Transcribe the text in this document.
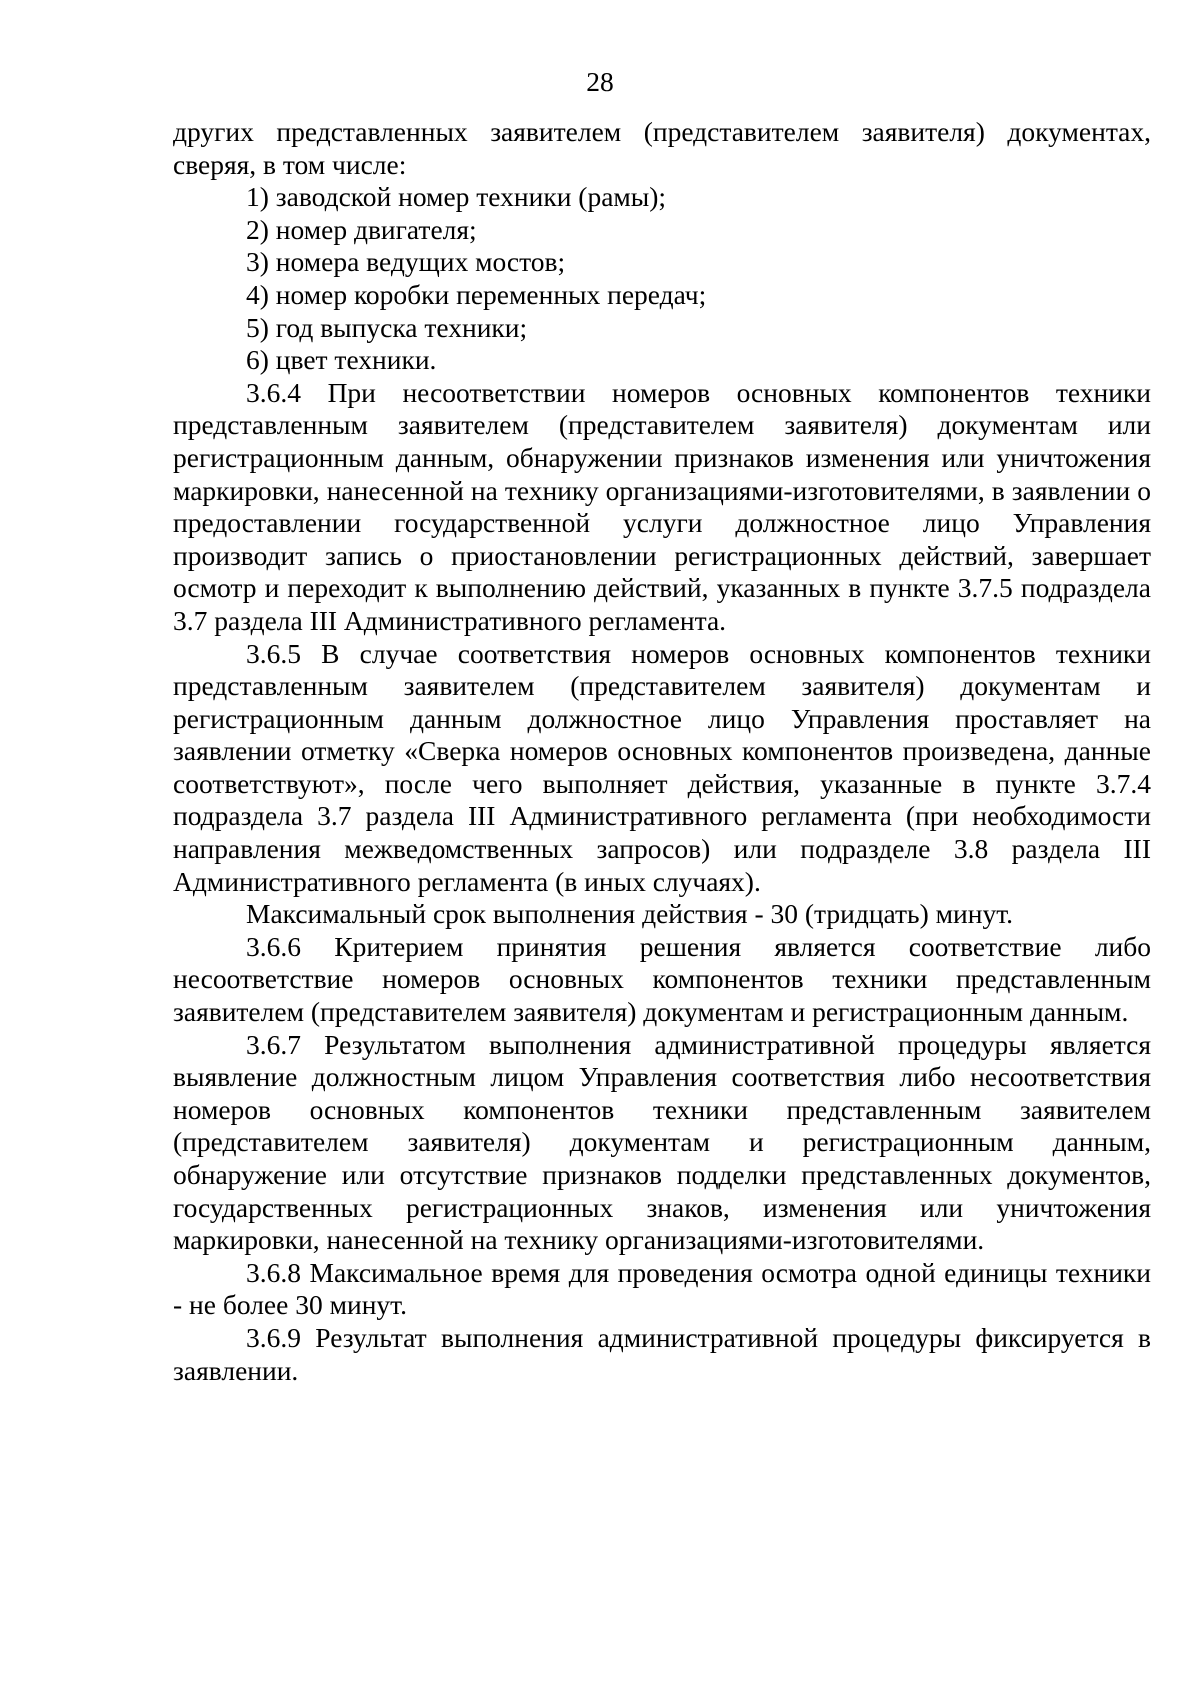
28

других представленных заявителем (представителем заявителя) документах, сверяя, в том числе:

1) заводской номер техники (рамы);

2) номер двигателя;

3) номера ведущих мостов;

4) номер коробки переменных передач;

5) год выпуска техники;

6) цвет техники.

3.6.4 При несоответствии номеров основных компонентов техники представленным заявителем (представителем заявителя) документам или регистрационным данным, обнаружении признаков изменения или уничтожения маркировки, нанесенной на технику организациями-изготовителями, в заявлении о предоставлении государственной услуги должностное лицо Управления производит запись о приостановлении регистрационных действий, завершает осмотр и переходит к выполнению действий, указанных в пункте 3.7.5 подраздела 3.7 раздела III Административного регламента.

3.6.5 В случае соответствия номеров основных компонентов техники представленным заявителем (представителем заявителя) документам и регистрационным данным должностное лицо Управления проставляет на заявлении отметку «Сверка номеров основных компонентов произведена, данные соответствуют», после чего выполняет действия, указанные в пункте 3.7.4 подраздела 3.7 раздела III Административного регламента (при необходимости направления межведомственных запросов) или подразделе 3.8 раздела III Административного регламента (в иных случаях).

Максимальный срок выполнения действия - 30 (тридцать) минут.

3.6.6 Критерием принятия решения является соответствие либо несоответствие номеров основных компонентов техники представленным заявителем (представителем заявителя) документам и регистрационным данным.

3.6.7 Результатом выполнения административной процедуры является выявление должностным лицом Управления соответствия либо несоответствия номеров основных компонентов техники представленным заявителем (представителем заявителя) документам и регистрационным данным, обнаружение или отсутствие признаков подделки представленных документов, государственных регистрационных знаков, изменения или уничтожения маркировки, нанесенной на технику организациями-изготовителями.

3.6.8 Максимальное время для проведения осмотра одной единицы техники - не более 30 минут.

3.6.9 Результат выполнения административной процедуры фиксируется в заявлении.
